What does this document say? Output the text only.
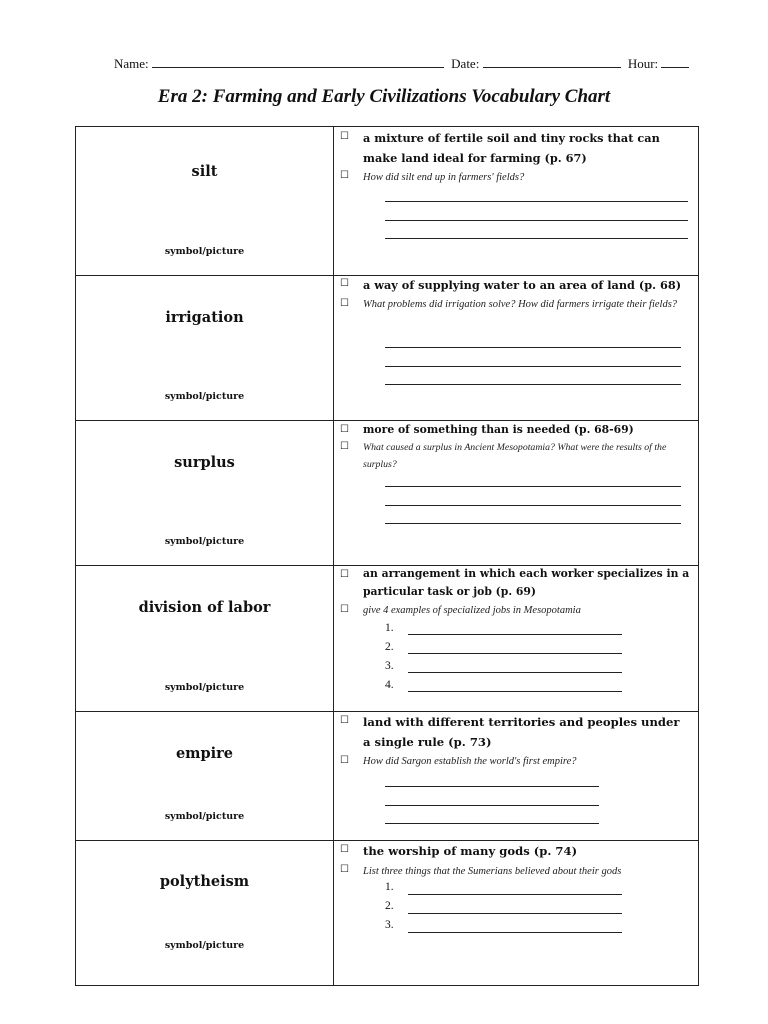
Name:	Date:	Hour:
Era 2: Farming and Early Civilizations Vocabulary Chart
silt
symbol/picture
☐ a mixture of fertile soil and tiny rocks that can make land ideal for farming (p. 67)
☐ How did silt end up in farmers' fields?
irrigation
symbol/picture
☐ a way of supplying water to an area of land (p. 68)
☐ What problems did irrigation solve? How did farmers irrigate their fields?
surplus
symbol/picture
☐ more of something than is needed (p. 68-69)
☐ What caused a surplus in Ancient Mesopotamia? What were the results of the surplus?
division of labor
symbol/picture
☐ an arrangement in which each worker specializes in a particular task or job (p. 69)
☐ give 4 examples of specialized jobs in Mesopotamia
1.
2.
3.
4.
empire
symbol/picture
☐ land with different territories and peoples under a single rule (p. 73)
☐ How did Sargon establish the world's first empire?
polytheism
symbol/picture
☐ the worship of many gods (p. 74)
☐ List three things that the Sumerians believed about their gods
1.
2.
3.
